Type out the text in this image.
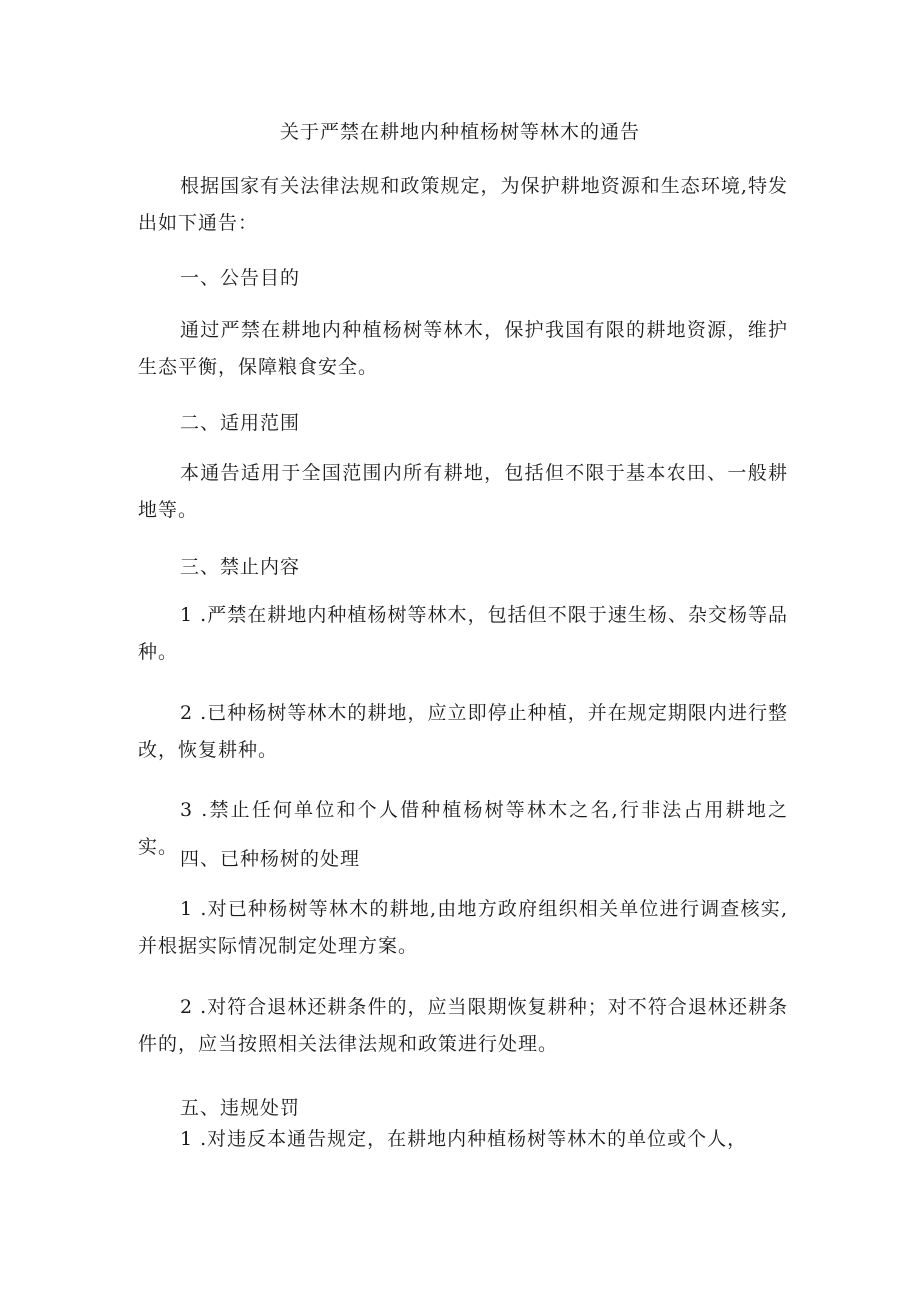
关于严禁在耕地内种植杨树等林木的通告

根据国家有关法律法规和政策规定，为保护耕地资源和生态环境,特发出如下通告：

一、公告目的

通过严禁在耕地内种植杨树等林木，保护我国有限的耕地资源，维护生态平衡，保障粮食安全。

二、适用范围

本通告适用于全国范围内所有耕地，包括但不限于基本农田、一般耕地等。

三、禁止内容

1 .严禁在耕地内种植杨树等林木，包括但不限于速生杨、杂交杨等品种。

2 .已种杨树等林木的耕地，应立即停止种植，并在规定期限内进行整改，恢复耕种。

3 .禁止任何单位和个人借种植杨树等林木之名,行非法占用耕地之实。

四、已种杨树的处理

1 .对已种杨树等林木的耕地,由地方政府组织相关单位进行调查核实,并根据实际情况制定处理方案。

2 .对符合退林还耕条件的，应当限期恢复耕种；对不符合退林还耕条件的，应当按照相关法律法规和政策进行处理。

五、违规处罚

1 .对违反本通告规定，在耕地内种植杨树等林木的单位或个人，
